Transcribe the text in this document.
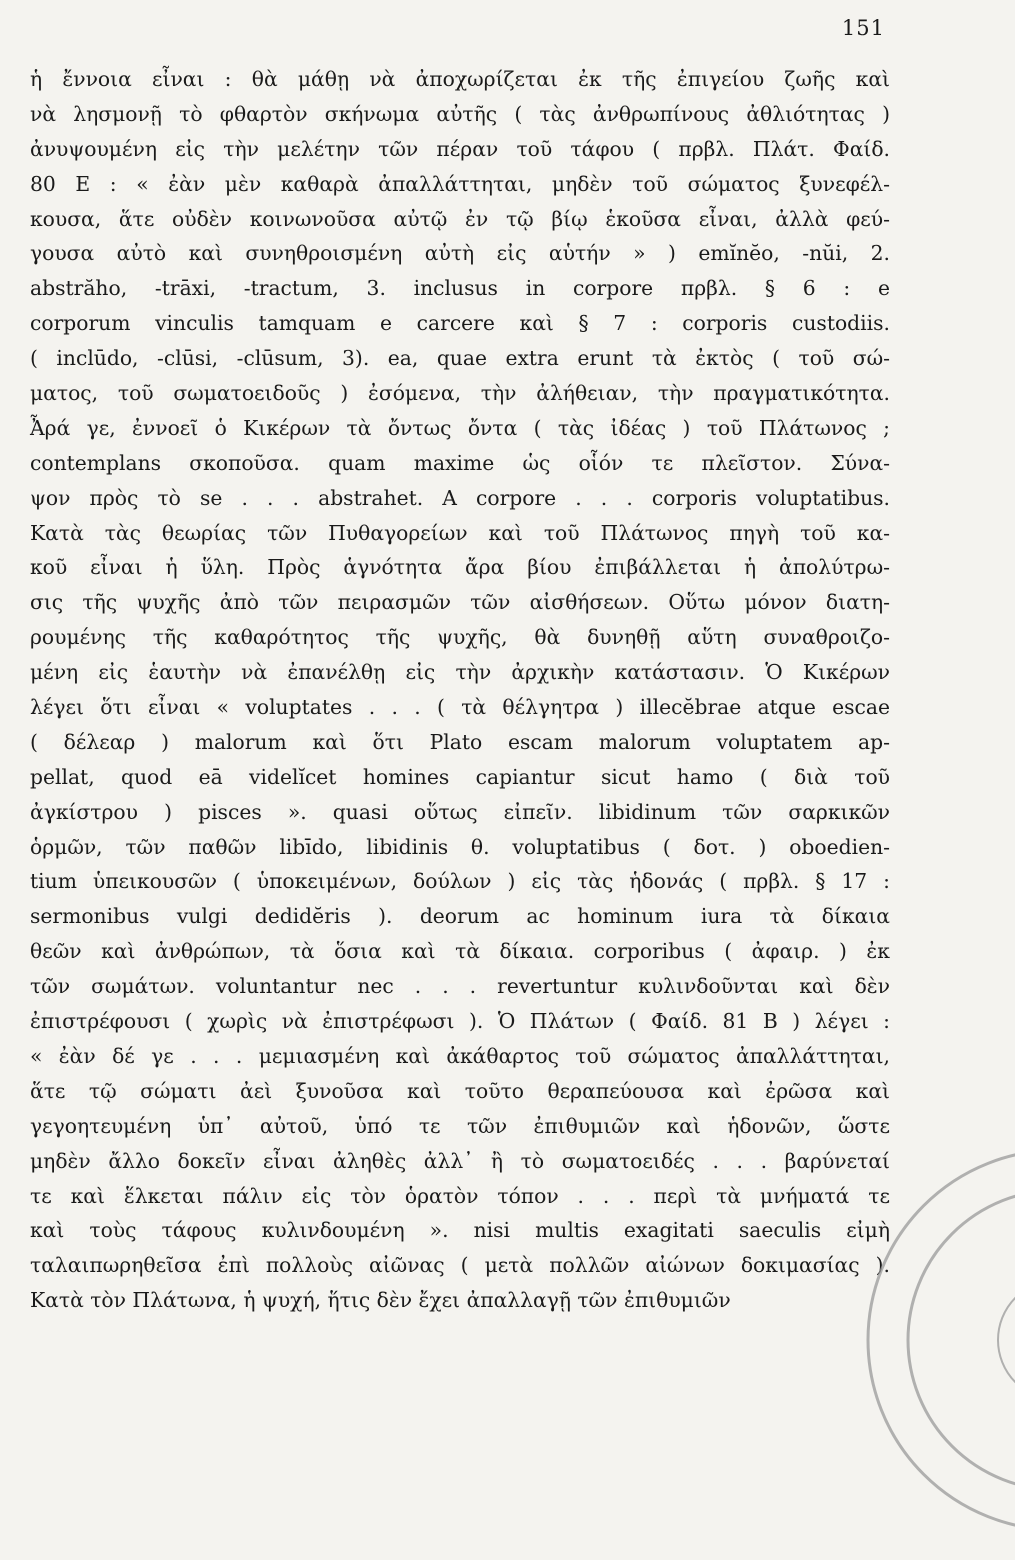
151
ἡ ἔννοια εἶναι : θὰ μάθῃ νὰ ἀποχωρίζεται ἐκ τῆς ἐπιγείου ζωῆς καὶ
νὰ λησμονῇ τὸ φθαρτὸν σκήνωμα αὐτῆς ( τὰς ἀνθρωπίνους ἀθλιότητας )
ἀνυψουμένη εἰς τὴν μελέτην τῶν πέραν τοῦ τάφου ( πρβλ. Πλάτ. Φαίδ.
80 Ε : « ἐὰν μὲν καθαρὰ ἀπαλλάττηται, μηδὲν τοῦ σώματος ξυνεφέλ-
κουσα, ἅτε οὐδὲν κοινωνοῦσα αὐτῷ ἐν τῷ βίῳ ἑκοῦσα εἶναι, ἀλλὰ φεύ-
γουσα αὐτὸ καὶ συνηθροισμένη αὐτὴ εἰς αὑτήν » ) emĭnĕo, -nŭi, 2.
abstrăho, -trāxi, -tractum, 3. inclusus in corpore πρβλ. § 6 : e
corporum vinculis tamquam e carcere καὶ § 7 : corporis custodiis.
( inclūdo, -clūsi, -clūsum, 3). ea, quae extra erunt τὰ ἐκτὸς ( τοῦ σώ-
ματος, τοῦ σωματοειδοῦς ) ἐσόμενα, τὴν ἀλήθειαν, τὴν πραγματικότητα.
Ἆρά γε, ἐννοεῖ ὁ Κικέρων τὰ ὄντως ὄντα ( τὰς ἰδέας ) τοῦ Πλάτωνος ;
contemplans σκοποῦσα. quam maxime ὡς οἷόν τε πλεῖστον. Σύνα-
ψον πρὸς τὸ se . . . abstrahet. A corpore . . . corporis voluptatibus.
Κατὰ τὰς θεωρίας τῶν Πυθαγορείων καὶ τοῦ Πλάτωνος πηγὴ τοῦ κα-
κοῦ εἶναι ἡ ὕλη. Πρὸς ἁγνότητα ἄρα βίου ἐπιβάλλεται ἡ ἀπολύτρω-
σις τῆς ψυχῆς ἀπὸ τῶν πειρασμῶν τῶν αἰσθήσεων. Οὕτω μόνον διατη-
ρουμένης τῆς καθαρότητος τῆς ψυχῆς, θὰ δυνηθῇ αὕτη συναθροιζο-
μένη εἰς ἑαυτὴν νὰ ἐπανέλθῃ εἰς τὴν ἀρχικὴν κατάστασιν. Ὁ Κικέρων
λέγει ὅτι εἶναι « voluptates . . . ( τὰ θέλγητρα ) illecĕbrae atque escae
( δέλεαρ ) malorum καὶ ὅτι Plato escam malorum voluptatem ap-
pellat, quod eā videlĭcet homines capiantur sicut hamo ( διὰ τοῦ
ἀγκίστρου ) pisces ». quasi οὕτως εἰπεῖν. libidinum τῶν σαρκικῶν
ὁρμῶν, τῶν παθῶν libīdo, libidinis θ. voluptatibus ( δοτ. ) oboedien-
tium ὑπεικουσῶν ( ὑποκειμένων, δούλων ) εἰς τὰς ἡδονάς ( πρβλ. § 17 :
sermonibus vulgi dedidĕris ). deorum ac hominum iura τὰ δίκαια
θεῶν καὶ ἀνθρώπων, τὰ ὅσια καὶ τὰ δίκαια. corporibus ( ἀφαιρ. ) ἐκ
τῶν σωμάτων. voluntantur nec . . . revertuntur κυλινδοῦνται καὶ δὲν
ἐπιστρέφουσι ( χωρὶς νὰ ἐπιστρέφωσι ). Ὁ Πλάτων ( Φαίδ. 81 Β ) λέγει :
« ἐὰν δέ γε . . . μεμιασμένη καὶ ἀκάθαρτος τοῦ σώματος ἀπαλλάττηται,
ἅτε τῷ σώματι ἀεὶ ξυνοῦσα καὶ τοῦτο θεραπεύουσα καὶ ἐρῶσα καὶ
γεγοητευμένη ὑπ᾽ αὐτοῦ, ὑπό τε τῶν ἐπιθυμιῶν καὶ ἡδονῶν, ὥστε
μηδὲν ἄλλο δοκεῖν εἶναι ἀληθὲς ἀλλ᾽ ἢ τὸ σωματοειδές . . . βαρύνεταί
τε καὶ ἕλκεται πάλιν εἰς τὸν ὁρατὸν τόπον . . . περὶ τὰ μνήματά τε
καὶ τοὺς τάφους κυλινδουμένη ». nisi multis exagitati saeculis εἰμὴ
ταλαιπωρηθεῖσα ἐπὶ πολλοὺς αἰῶνας ( μετὰ πολλῶν αἰώνων δοκιμασίας ).
Κατὰ τὸν Πλάτωνα, ἡ ψυχή, ἥτις δὲν ἔχει ἀπαλλαγῇ τῶν ἐπιθυμιῶν
